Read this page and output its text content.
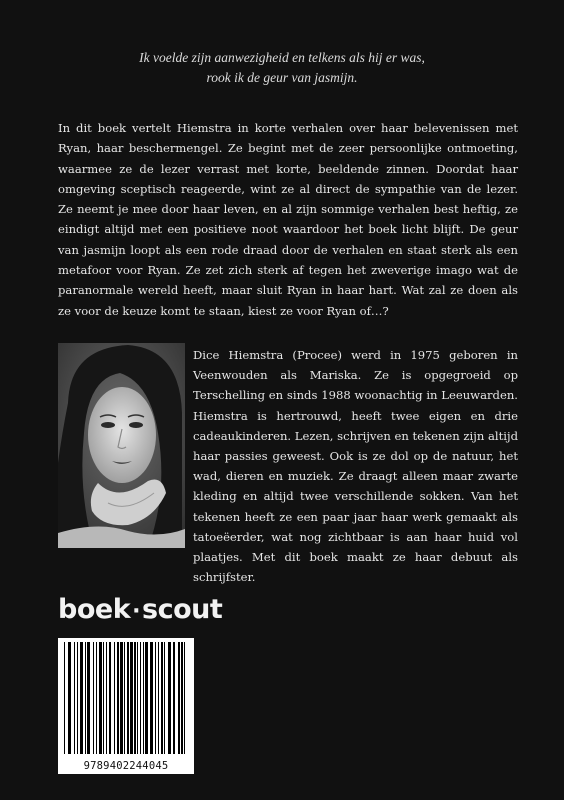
Ik voelde zijn aanwezigheid en telkens als hij er was,
rook ik de geur van jasmijn.
In dit boek vertelt Hiemstra in korte verhalen over haar belevenissen met Ryan, haar beschermengel. Ze begint met de zeer persoonlijke ontmoeting, waarmee ze de lezer verrast met korte, beeldende zinnen. Doordat haar omgeving sceptisch reageerde, wint ze al direct de sympathie van de lezer. Ze neemt je mee door haar leven, en al zijn sommige verhalen best heftig, ze eindigt altijd met een positieve noot waardoor het boek licht blijft. De geur van jasmijn loopt als een rode draad door de verhalen en staat sterk als een metafoor voor Ryan. Ze zet zich sterk af tegen het zweverige imago wat de paranormale wereld heeft, maar sluit Ryan in haar hart. Wat zal ze doen als ze voor de keuze komt te staan, kiest ze voor Ryan of…?
Dice Hiemstra (Procee) werd in 1975 geboren in Veenwouden als Mariska. Ze is opgegroeid op Terschelling en sinds 1988 woonachtig in Leeuwarden. Hiemstra is hertrouwd, heeft twee eigen en drie cadeaukinderen. Lezen, schrijven en tekenen zijn altijd haar passies geweest. Ook is ze dol op de natuur, het wad, dieren en muziek. Ze draagt alleen maar zwarte kleding en altijd twee verschillende sokken. Van het tekenen heeft ze een paar jaar haar werk gemaakt als tatoeëerder, wat nog zichtbaar is aan haar huid vol plaatjes. Met dit boek maakt ze haar debuut als schrijfster.
boek·scout
9789402244045
